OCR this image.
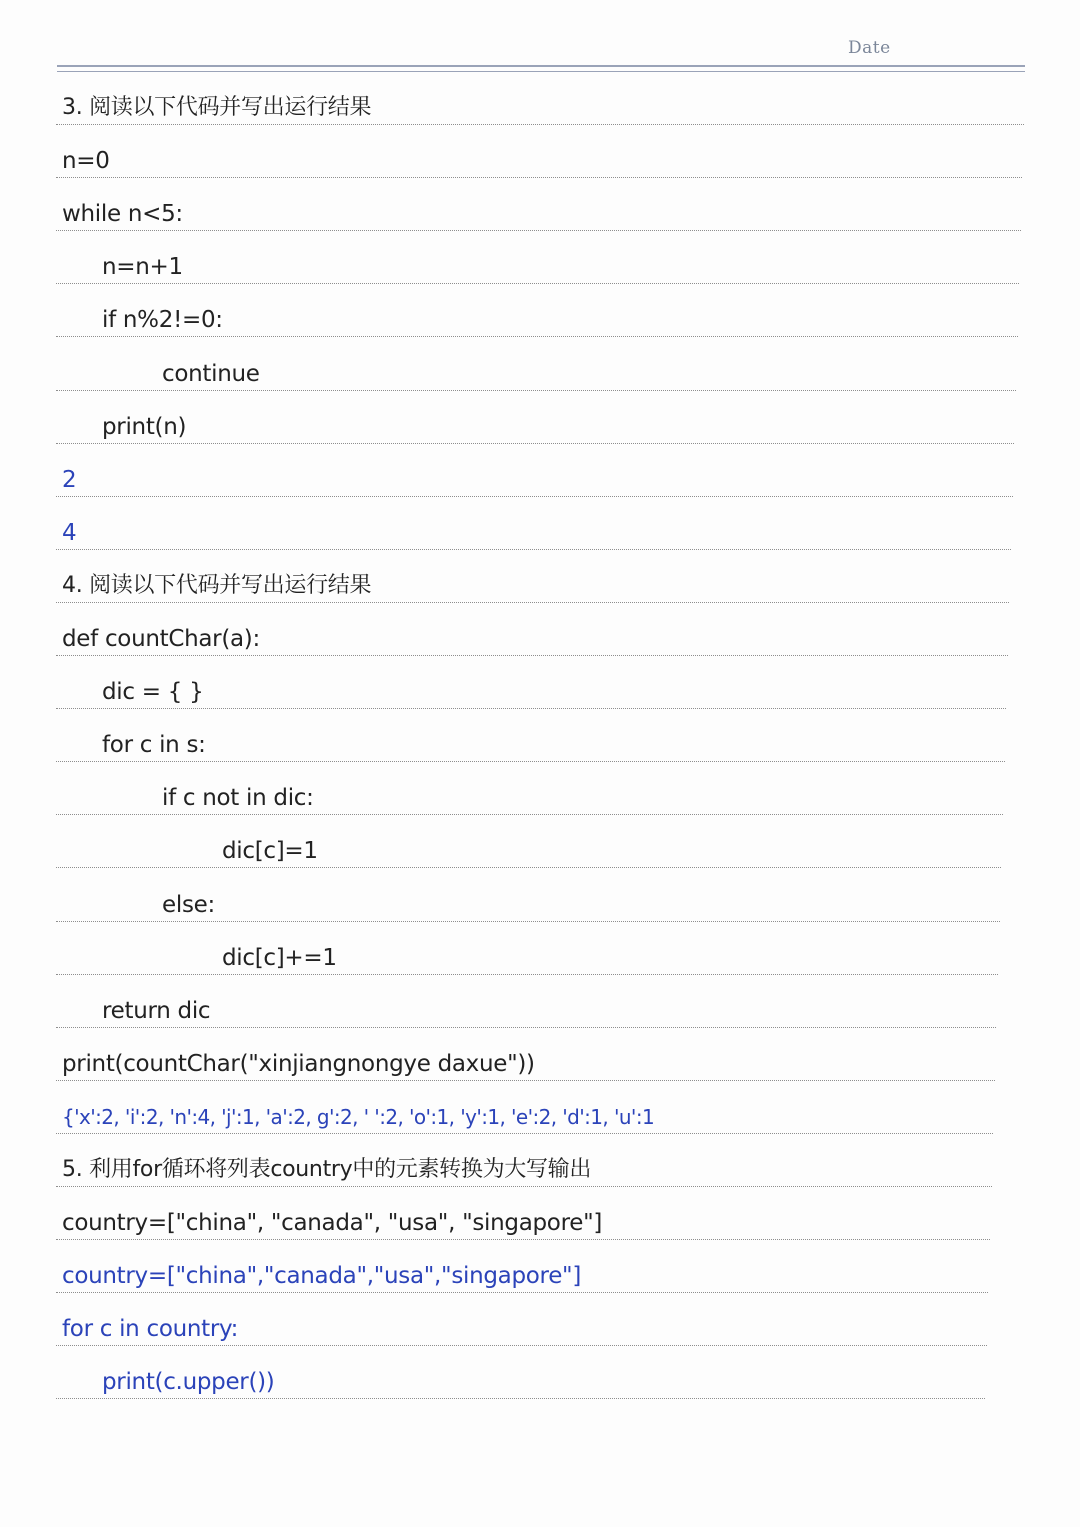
Date
3. 阅读以下代码并写出运行结果
n=0
while n<5:
n=n+1
if n%2!=0:
continue
print(n)
2
4
4. 阅读以下代码并写出运行结果
def countChar(a):
dic = { }
for c in s:
if c not in dic:
dic[c]=1
else:
dic[c]+=1
return dic
print(countChar("xinjiangnongye daxue"))
{'x':2, 'i':2, 'n':4, 'j':1, 'a':2, g':2, ' ':2, 'o':1, 'y':1, 'e':2, 'd':1, 'u':1
5. 利用for循环将列表country中的元素转换为大写输出
country=["china", "canada", "usa", "singapore"]
country=["china","canada","usa","singapore"]
for c in country:
print(c.upper())
